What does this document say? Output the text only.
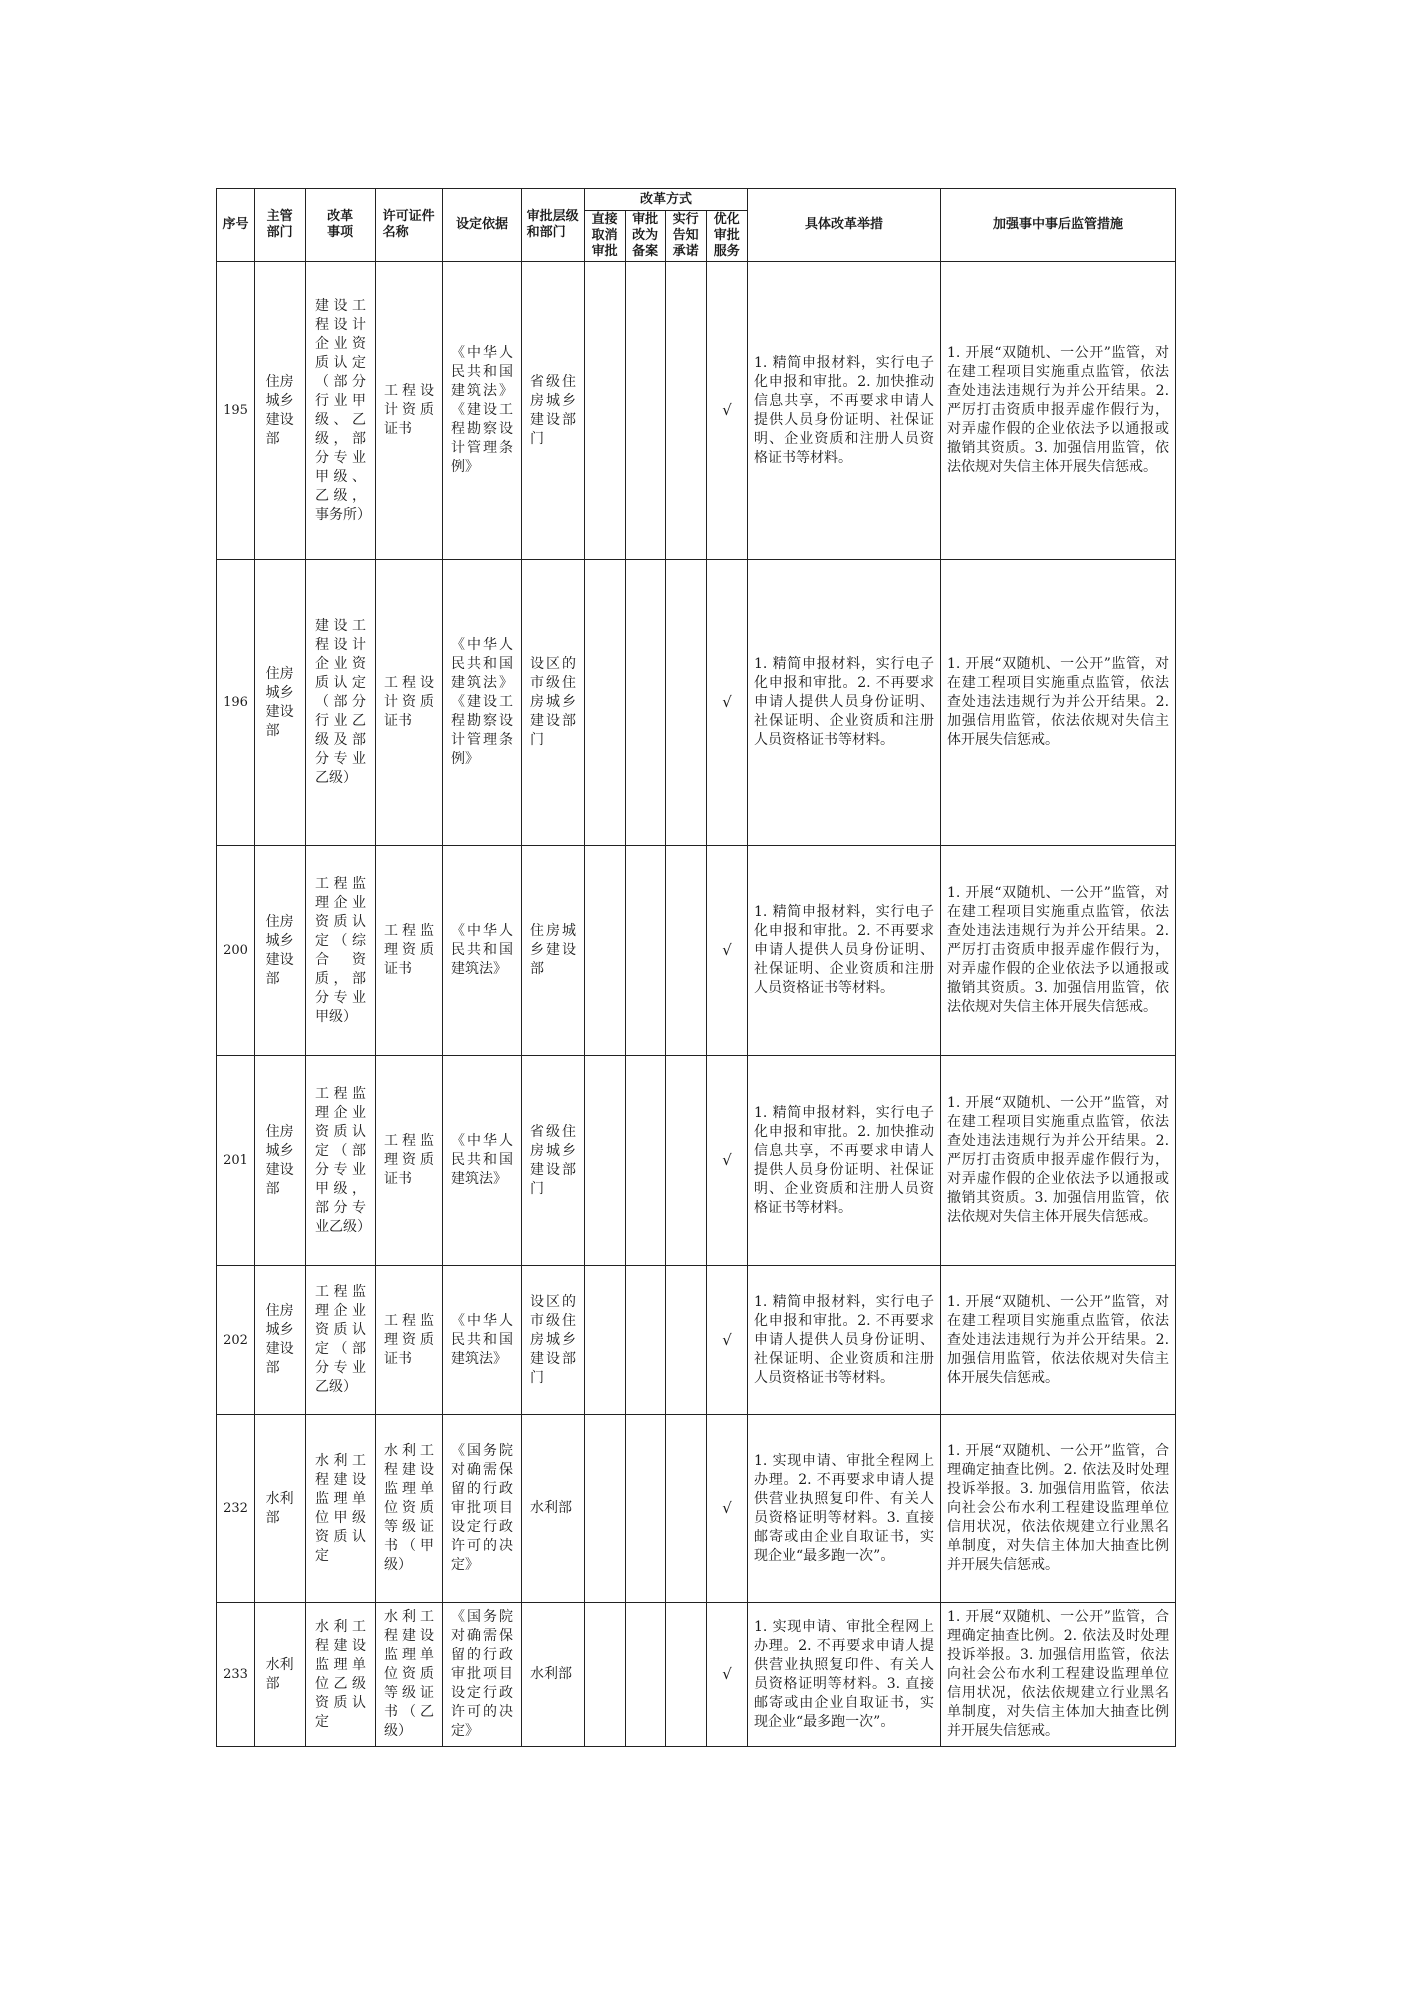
序号	主管部门	改革事项	许可证件名称	设定依据	审批层级和部门	改革方式				具体改革举措	加强事中事后监管措施
						直接取消审批	审批改为备案	实行告知承诺	优化审批服务		
195	住房城乡建设部	建设工程设计企业资质认定（部分行业甲级、乙级，部分专业甲级、乙级，事务所）	工程设计资质证书	《中华人民共和国建筑法》《建设工程勘察设计管理条例》	省级住房城乡建设部门				√	1. 精简申报材料，实行电子化申报和审批。2. 加快推动信息共享，不再要求申请人提供人员身份证明、社保证明、企业资质和注册人员资格证书等材料。	1. 开展“双随机、一公开”监管，对在建工程项目实施重点监管，依法查处违法违规行为并公开结果。2. 严厉打击资质申报弄虚作假行为，对弄虚作假的企业依法予以通报或撤销其资质。3. 加强信用监管，依法依规对失信主体开展失信惩戒。
196	住房城乡建设部	建设工程设计企业资质认定（部分行业乙级及部分专业乙级）	工程设计资质证书	《中华人民共和国建筑法》《建设工程勘察设计管理条例》	设区的市级住房城乡建设部门				√	1. 精简申报材料，实行电子化申报和审批。2. 不再要求申请人提供人员身份证明、社保证明、企业资质和注册人员资格证书等材料。	1. 开展“双随机、一公开”监管，对在建工程项目实施重点监管，依法查处违法违规行为并公开结果。2. 加强信用监管，依法依规对失信主体开展失信惩戒。
200	住房城乡建设部	工程监理企业资质认定（综合资质，部分专业甲级）	工程监理资质证书	《中华人民共和国建筑法》	住房城乡建设部				√	1. 精简申报材料，实行电子化申报和审批。2. 不再要求申请人提供人员身份证明、社保证明、企业资质和注册人员资格证书等材料。	1. 开展“双随机、一公开”监管，对在建工程项目实施重点监管，依法查处违法违规行为并公开结果。2. 严厉打击资质申报弄虚作假行为，对弄虚作假的企业依法予以通报或撤销其资质。3. 加强信用监管，依法依规对失信主体开展失信惩戒。
201	住房城乡建设部	工程监理企业资质认定（部分专业甲级，部分专业乙级）	工程监理资质证书	《中华人民共和国建筑法》	省级住房城乡建设部门				√	1. 精简申报材料，实行电子化申报和审批。2. 加快推动信息共享，不再要求申请人提供人员身份证明、社保证明、企业资质和注册人员资格证书等材料。	1. 开展“双随机、一公开”监管，对在建工程项目实施重点监管，依法查处违法违规行为并公开结果。2. 严厉打击资质申报弄虚作假行为，对弄虚作假的企业依法予以通报或撤销其资质。3. 加强信用监管，依法依规对失信主体开展失信惩戒。
202	住房城乡建设部	工程监理企业资质认定（部分专业乙级）	工程监理资质证书	《中华人民共和国建筑法》	设区的市级住房城乡建设部门				√	1. 精简申报材料，实行电子化申报和审批。2. 不再要求申请人提供人员身份证明、社保证明、企业资质和注册人员资格证书等材料。	1. 开展“双随机、一公开”监管，对在建工程项目实施重点监管，依法查处违法违规行为并公开结果。2. 加强信用监管，依法依规对失信主体开展失信惩戒。
232	水利部	水利工程建设监理单位甲级资质认定	水利工程建设监理单位资质等级证书（甲级）	《国务院对确需保留的行政审批项目设定行政许可的决定》	水利部				√	1. 实现申请、审批全程网上办理。2. 不再要求申请人提供营业执照复印件、有关人员资格证明等材料。3. 直接邮寄或由企业自取证书，实现企业“最多跑一次”。	1. 开展“双随机、一公开”监管，合理确定抽查比例。2. 依法及时处理投诉举报。3. 加强信用监管，依法向社会公布水利工程建设监理单位信用状况，依法依规建立行业黑名单制度，对失信主体加大抽查比例并开展失信惩戒。
233	水利部	水利工程建设监理单位乙级资质认定	水利工程建设监理单位资质等级证书（乙级）	《国务院对确需保留的行政审批项目设定行政许可的决定》	水利部				√	1. 实现申请、审批全程网上办理。2. 不再要求申请人提供营业执照复印件、有关人员资格证明等材料。3. 直接邮寄或由企业自取证书，实现企业“最多跑一次”。	1. 开展“双随机、一公开”监管，合理确定抽查比例。2. 依法及时处理投诉举报。3. 加强信用监管，依法向社会公布水利工程建设监理单位信用状况，依法依规建立行业黑名单制度，对失信主体加大抽查比例并开展失信惩戒。
